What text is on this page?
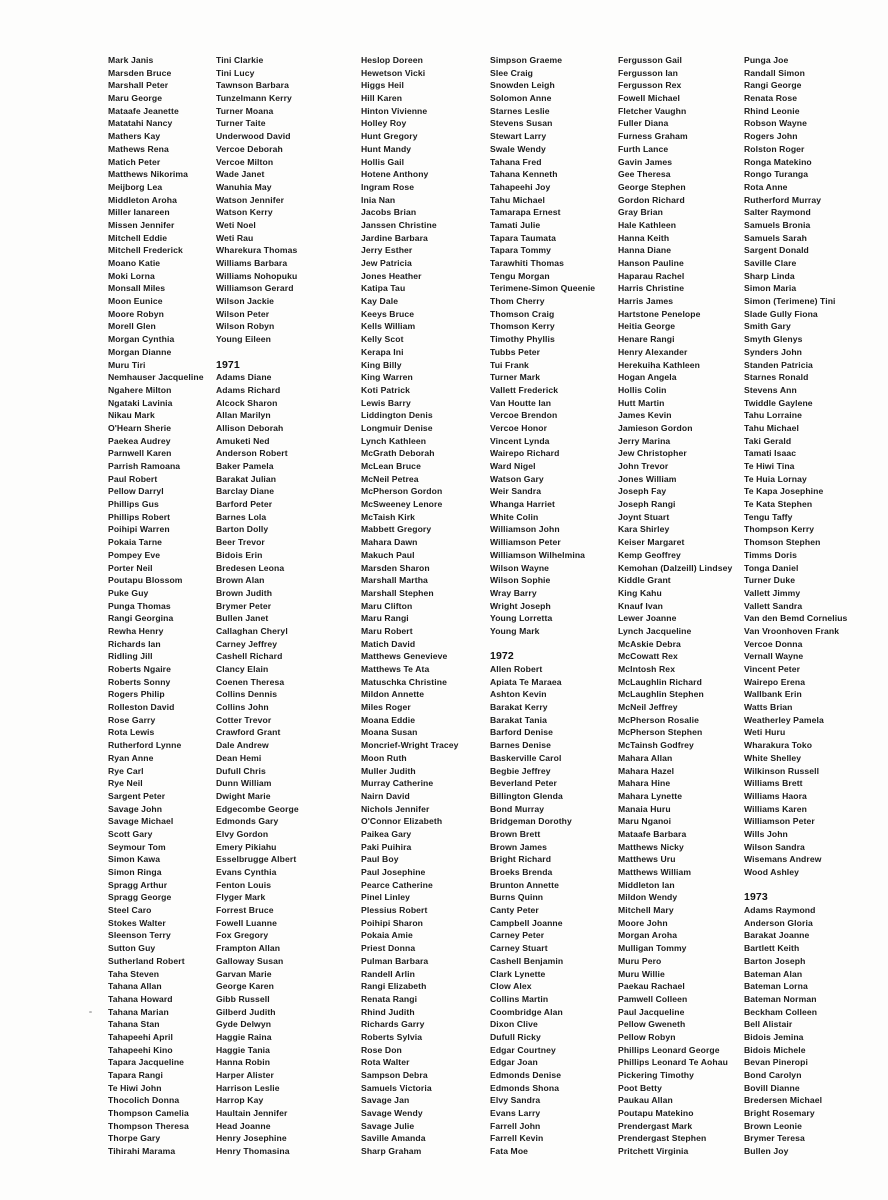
Mark Janis
Marsden Bruce
Marshall Peter
Maru George
Mataafe Jeanette
Matatahi Nancy
Mathers Kay
Mathews Rena
Matich Peter
Matthews Nikorima
Meijborg Lea
Middleton Aroha
Miller Ianareen
Missen Jennifer
Mitchell Eddie
Mitchell Frederick
Moano Katie
Moki Lorna
Monsall Miles
Moon Eunice
Moore Robyn
Morell Glen
Morgan Cynthia
Morgan Dianne
Muru Tiri
Nemhauser Jacqueline
Ngahere Milton
Ngataki Lavinia
Nikau Mark
O'Hearn Sherie
Paekea Audrey
Parnwell Karen
Parrish Ramoana
Paul Robert
Pellow Darryl
Phillips Gus
Phillips Robert
Poihipi Warren
Pokaia Tarne
Pompey Eve
Porter Neil
Poutapu Blossom
Puke Guy
Punga Thomas
Rangi Georgina
Rewha Henry
Richards Ian
Ridling Jill
Roberts Ngaire
Roberts Sonny
Rogers Philip
Rolleston David
Rose Garry
Rota Lewis
Rutherford Lynne
Ryan Anne
Rye Carl
Rye Neil
Sargent Peter
Savage John
Savage Michael
Scott Gary
Seymour Tom
Simon Kawa
Simon Ringa
Spragg Arthur
Spragg George
Steel Caro
Stokes Walter
Sleenson Terry
Sutton Guy
Sutherland Robert
Taha Steven
Tahana Allan
Tahana Howard
Tahana Marian
Tahana Stan
Tahapeehi April
Tahapeehi Kino
Tapara Jacqueline
Tapara Rangi
Te Hiwi John
Thocolich Donna
Thompson Camelia
Thompson Theresa
Thorpe Gary
Tihirahi Marama
Tini Clarkie
Tini Lucy
Tawnson Barbara
Tunzelmann Kerry
Turner Moana
Turner Taite
Underwood David
Vercoe Deborah
Vercoe Milton
Wade Janet
Wanuhia May
Watson Jennifer
Watson Kerry
Weti Noel
Weti Rau
Wharekura Thomas
Williams Barbara
Williams Nohopuku
Williamson Gerard
Wilson Jackie
Wilson Peter
Wilson Robyn
Young Eileen
1971
Adams Diane
Adams Richard
Alcock Sharon
Allan Marilyn
Allison Deborah
Amuketi Ned
Anderson Robert
Baker Pamela
Barakat Julian
Barclay Diane
Barford Peter
Barnes Lola
Barton Dolly
Beer Trevor
Bidois Erin
Bredesen Leona
Brown Alan
Brown Judith
Brymer Peter
Bullen Janet
Callaghan Cheryl
Carney Jeffrey
Cashell Richard
Clancy Elain
Coenen Theresa
Collins Dennis
Collins John
Cotter Trevor
Crawford Grant
Dale Andrew
Dean Hemi
Dufull Chris
Dunn William
Dwight Marie
Edgecombe George
Edmonds Gary
Elvy Gordon
Emery Pikiahu
Esselbrugge Albert
Evans Cynthia
Fenton Louis
Flyger Mark
Forrest Bruce
Fowell Luanne
Fox Gregory
Frampton Allan
Galloway Susan
Garvan Marie
George Karen
Gibb Russell
Gilberd Judith
Gyde Delwyn
Haggie Raina
Haggie Tania
Hanna Robin
Harper Alister
Harrison Leslie
Harrop Kay
Haultain Jennifer
Head Joanne
Henry Josephine
Henry Thomasina
Heslop Doreen
Hewetson Vicki
Higgs Heil
Hill Karen
Hinton Vivienne
Holley Roy
Hunt Gregory
Hunt Mandy
Hollis Gail
Hotene Anthony
Ingram Rose
Inia Nan
Jacobs Brian
Janssen Christine
Jardine Barbara
Jerry Esther
Jew Patricia
Jones Heather
Katipa Tau
Kay Dale
Keeys Bruce
Kells William
Kelly Scot
Kerapa Ini
King Billy
King Warren
Koti Patrick
Lewis Barry
Liddington Denis
Longmuir Denise
Lynch Kathleen
McGrath Deborah
McLean Bruce
McNeil Petrea
McPherson Gordon
McSweeney Lenore
McTaish Kirk
Mabbett Gregory
Mahara Dawn
Makuch Paul
Marsden Sharon
Marshall Martha
Marshall Stephen
Maru Clifton
Maru Rangi
Maru Robert
Matich David
Matthews Genevieve
Matthews Te Ata
Matuschka Christine
Mildon Annette
Miles Roger
Moana Eddie
Moana Susan
Moncrief-Wright Tracey
Moon Ruth
Muller Judith
Murray Catherine
Nairn David
Nichols Jennifer
O'Connor Elizabeth
Paikea Gary
Paki Puihira
Paul Boy
Paul Josephine
Pearce Catherine
Pinel Linley
Plessius Robert
Poihipi Sharon
Pokaia Amie
Priest Donna
Pulman Barbara
Randell Arlin
Rangi Elizabeth
Renata Rangi
Rhind Judith
Richards Garry
Roberts Sylvia
Rose Don
Rota Walter
Sampson Debra
Samuels Victoria
Savage Jan
Savage Wendy
Savage Julie
Saville Amanda
Sharp Graham
Simpson Graeme
Slee Craig
Snowden Leigh
Solomon Anne
Starnes Leslie
Stevens Susan
Stewart Larry
Swale Wendy
Tahana Fred
Tahana Kenneth
Tahapeehi Joy
Tahu Michael
Tamarapa Ernest
Tamati Julie
Tapara Taumata
Tapara Tommy
Tarawhiti Thomas
Tengu Morgan
Terimene-Simon Queenie
Thom Cherry
Thomson Craig
Thomson Kerry
Timothy Phyllis
Tubbs Peter
Tui Frank
Turner Mark
Vallett Frederick
Van Houtte Ian
Vercoe Brendon
Vercoe Honor
Vincent Lynda
Wairepo Richard
Ward Nigel
Watson Gary
Weir Sandra
Whanga Harriet
White Colin
Williamson John
Williamson Peter
Williamson Wilhelmina
Wilson Wayne
Wilson Sophie
Wray Barry
Wright Joseph
Young Lorretta
Young Mark
1972
Allen Robert
Apiata Te Maraea
Ashton Kevin
Barakat Kerry
Barakat Tania
Barford Denise
Barnes Denise
Baskerville Carol
Begbie Jeffrey
Beverland Peter
Billington Glenda
Bond Murray
Bridgeman Dorothy
Brown Brett
Brown James
Bright Richard
Broeks Brenda
Brunton Annette
Burns Quinn
Canty Peter
Campbell Joanne
Carney Peter
Carney Stuart
Cashell Benjamin
Clark Lynette
Clow Alex
Collins Martin
Coombridge Alan
Dixon Clive
Dufull Ricky
Edgar Courtney
Edgar Joan
Edmonds Denise
Edmonds Shona
Elvy Sandra
Evans Larry
Farrell John
Farrell Kevin
Fata Moe
Fergusson Gail
Fergusson Ian
Fergusson Rex
Fowell Michael
Fletcher Vaughn
Fuller Diana
Furness Graham
Furth Lance
Gavin James
Gee Theresa
George Stephen
Gordon Richard
Gray Brian
Hale Kathleen
Hanna Keith
Hanna Diane
Hanson Pauline
Haparau Rachel
Harris Christine
Harris James
Hartstone Penelope
Heitia George
Henare Rangi
Henry Alexander
Herekuiha Kathleen
Hogan Angela
Hollis Colin
Hutt Martin
James Kevin
Jamieson Gordon
Jerry Marina
Jew Christopher
John Trevor
Jones William
Joseph Fay
Joseph Rangi
Joynt Stuart
Kara Shirley
Keiser Margaret
Kemp Geoffrey
Kemohan (Dalzeill) Lindsey
Kiddle Grant
King Kahu
Knauf Ivan
Lewer Joanne
Lynch Jacqueline
McAskie Debra
McCowatt Rex
McIntosh Rex
McLaughlin Richard
McLaughlin Stephen
McNeil Jeffrey
McPherson Rosalie
McPherson Stephen
McTainsh Godfrey
Mahara Allan
Mahara Hazel
Mahara Hine
Mahara Lynette
Manaia Huru
Maru Nganoi
Mataafe Barbara
Matthews Nicky
Matthews Uru
Matthews William
Middleton Ian
Mildon Wendy
Mitchell Mary
Moore John
Morgan Aroha
Mulligan Tommy
Muru Pero
Muru Willie
Paekau Rachael
Pamwell Colleen
Paul Jacqueline
Pellow Gweneth
Pellow Robyn
Phillips Leonard George
Phillips Leonard Te Aohau
Pickering Timothy
Poot Betty
Paukau Allan
Poutapu Matekino
Prendergast Mark
Prendergast Stephen
Pritchett Virginia
Punga Joe
Randall Simon
Rangi George
Renata Rose
Rhind Leonie
Robson Wayne
Rogers John
Rolston Roger
Ronga Matekino
Rongo Turanga
Rota Anne
Rutherford Murray
Salter Raymond
Samuels Bronia
Samuels Sarah
Sargent Donald
Saville Clare
Sharp Linda
Simon Maria
Simon (Terimene) Tini
Slade Gully Fiona
Smith Gary
Smyth Glenys
Synders John
Standen Patricia
Starnes Ronald
Stevens Ann
Twiddle Gaylene
Tahu Lorraine
Tahu Michael
Taki Gerald
Tamati Isaac
Te Hiwi Tina
Te Huia Lornay
Te Kapa Josephine
Te Kata Stephen
Tengu Taffy
Thompson Kerry
Thomson Stephen
Timms Doris
Tonga Daniel
Turner Duke
Vallett Jimmy
Vallett Sandra
Van den Bemd Cornelius
Van Vroonhoven Frank
Vercoe Donna
Vernall Wayne
Vincent Peter
Wairepo Erena
Wallbank Erin
Watts Brian
Weatherley Pamela
Weti Huru
Wharakura Toko
White Shelley
Wilkinson Russell
Williams Brett
Williams Haora
Williams Karen
Williamson Peter
Wills John
Wilson Sandra
Wisemans Andrew
Wood Ashley
1973
Adams Raymond
Anderson Gloria
Barakat Joanne
Bartlett Keith
Barton Joseph
Bateman Alan
Bateman Lorna
Bateman Norman
Beckham Colleen
Bell Alistair
Bidois Jemina
Bidois Michele
Bevan Pineropi
Bond Carolyn
Bovill Dianne
Bredersen Michael
Bright Rosemary
Brown Leonie
Brymer Teresa
Bullen Joy
